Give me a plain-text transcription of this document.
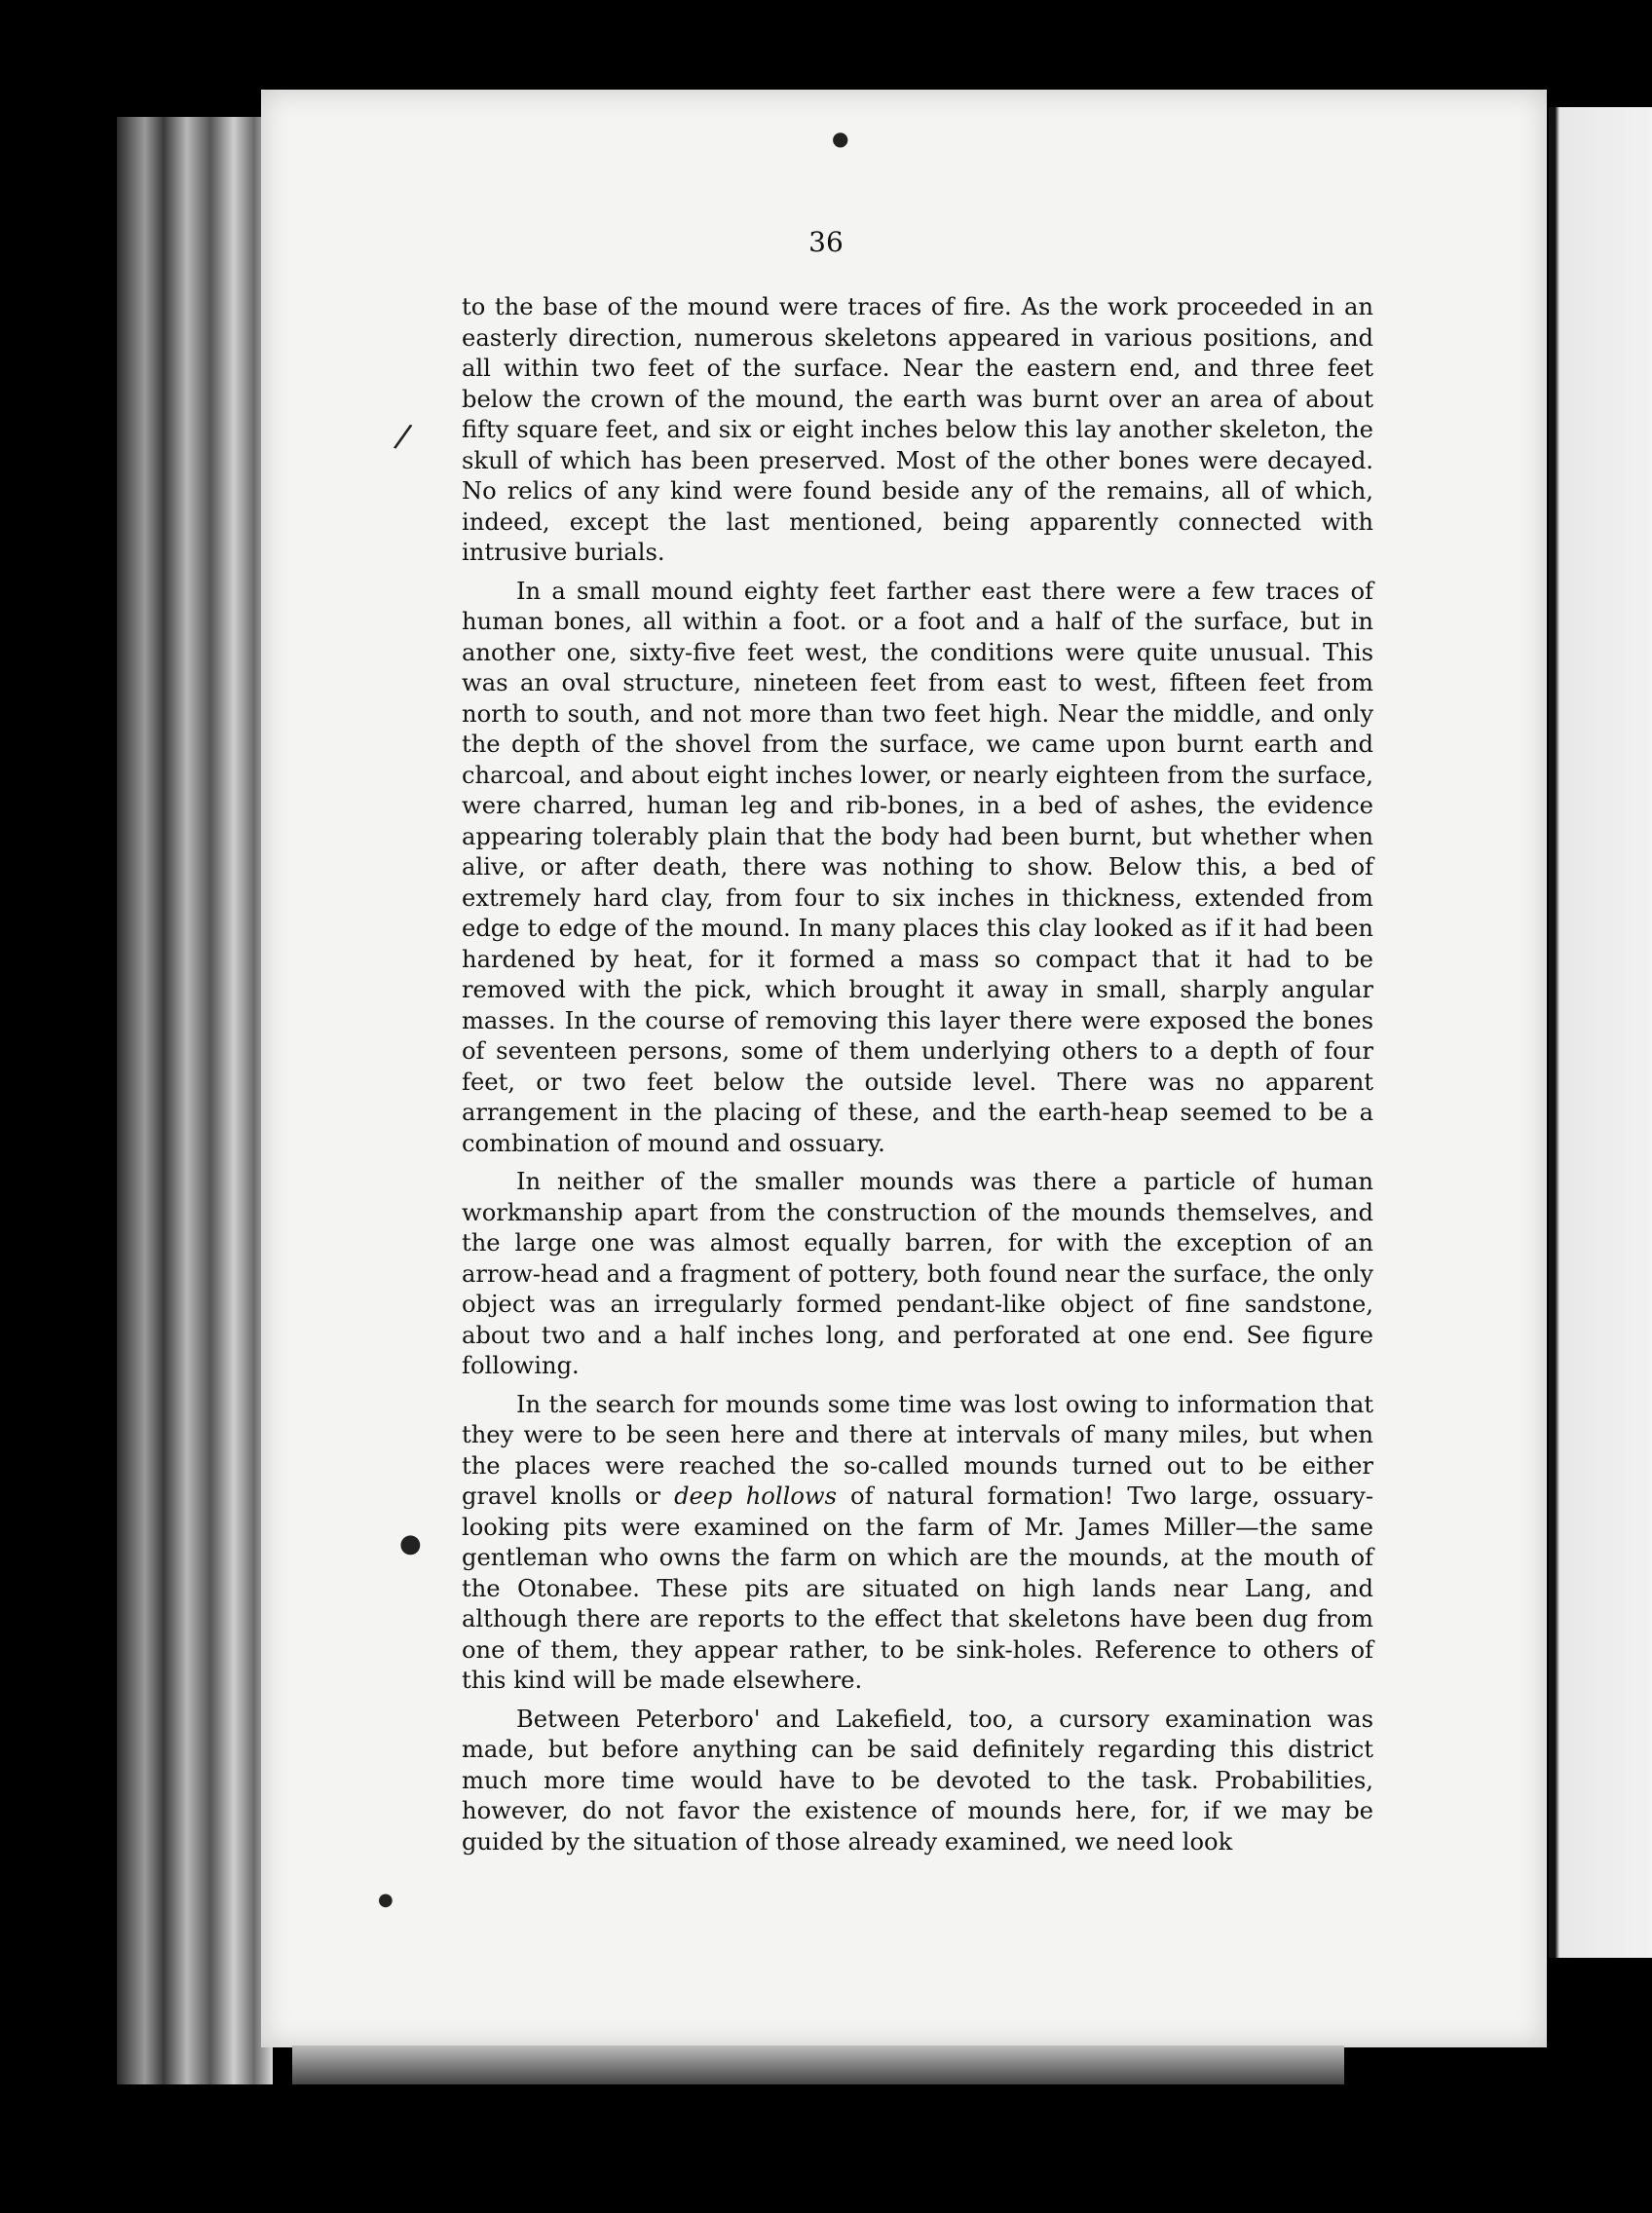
/
●
●
●
36

to the base of the mound were traces of fire. As the work proceeded in an easterly direction, numerous skeletons appeared in various positions, and all within two feet of the surface. Near the eastern end, and three feet below the crown of the mound, the earth was burnt over an area of about fifty square feet, and six or eight inches below this lay another skeleton, the skull of which has been preserved. Most of the other bones were decayed. No relics of any kind were found beside any of the remains, all of which, indeed, except the last mentioned, being apparently connected with intrusive burials.

In a small mound eighty feet farther east there were a few traces of human bones, all within a foot. or a foot and a half of the surface, but in another one, sixty-five feet west, the conditions were quite unusual. This was an oval structure, nineteen feet from east to west, fifteen feet from north to south, and not more than two feet high. Near the middle, and only the depth of the shovel from the surface, we came upon burnt earth and charcoal, and about eight inches lower, or nearly eighteen from the surface, were charred, human leg and rib-bones, in a bed of ashes, the evidence appearing tolerably plain that the body had been burnt, but whether when alive, or after death, there was nothing to show. Below this, a bed of extremely hard clay, from four to six inches in thickness, extended from edge to edge of the mound. In many places this clay looked as if it had been hardened by heat, for it formed a mass so compact that it had to be removed with the pick, which brought it away in small, sharply angular masses. In the course of removing this layer there were exposed the bones of seventeen persons, some of them underlying others to a depth of four feet, or two feet below the outside level. There was no apparent arrangement in the placing of these, and the earth-heap seemed to be a combination of mound and ossuary.

In neither of the smaller mounds was there a particle of human workmanship apart from the construction of the mounds themselves, and the large one was almost equally barren, for with the exception of an arrow-head and a fragment of pottery, both found near the surface, the only object was an irregularly formed pendant-like object of fine sandstone, about two and a half inches long, and perforated at one end. See figure following.

In the search for mounds some time was lost owing to information that they were to be seen here and there at intervals of many miles, but when the places were reached the so-called mounds turned out to be either gravel knolls or deep hollows of natural formation! Two large, ossuary-looking pits were examined on the farm of Mr. James Miller—the same gentleman who owns the farm on which are the mounds, at the mouth of the Otonabee. These pits are situated on high lands near Lang, and although there are reports to the effect that skeletons have been dug from one of them, they appear rather, to be sink-holes. Reference to others of this kind will be made elsewhere.

Between Peterboro' and Lakefield, too, a cursory examination was made, but before anything can be said definitely regarding this district much more time would have to be devoted to the task. Probabilities, however, do not favor the existence of mounds here, for, if we may be guided by the situation of those already examined, we need look
